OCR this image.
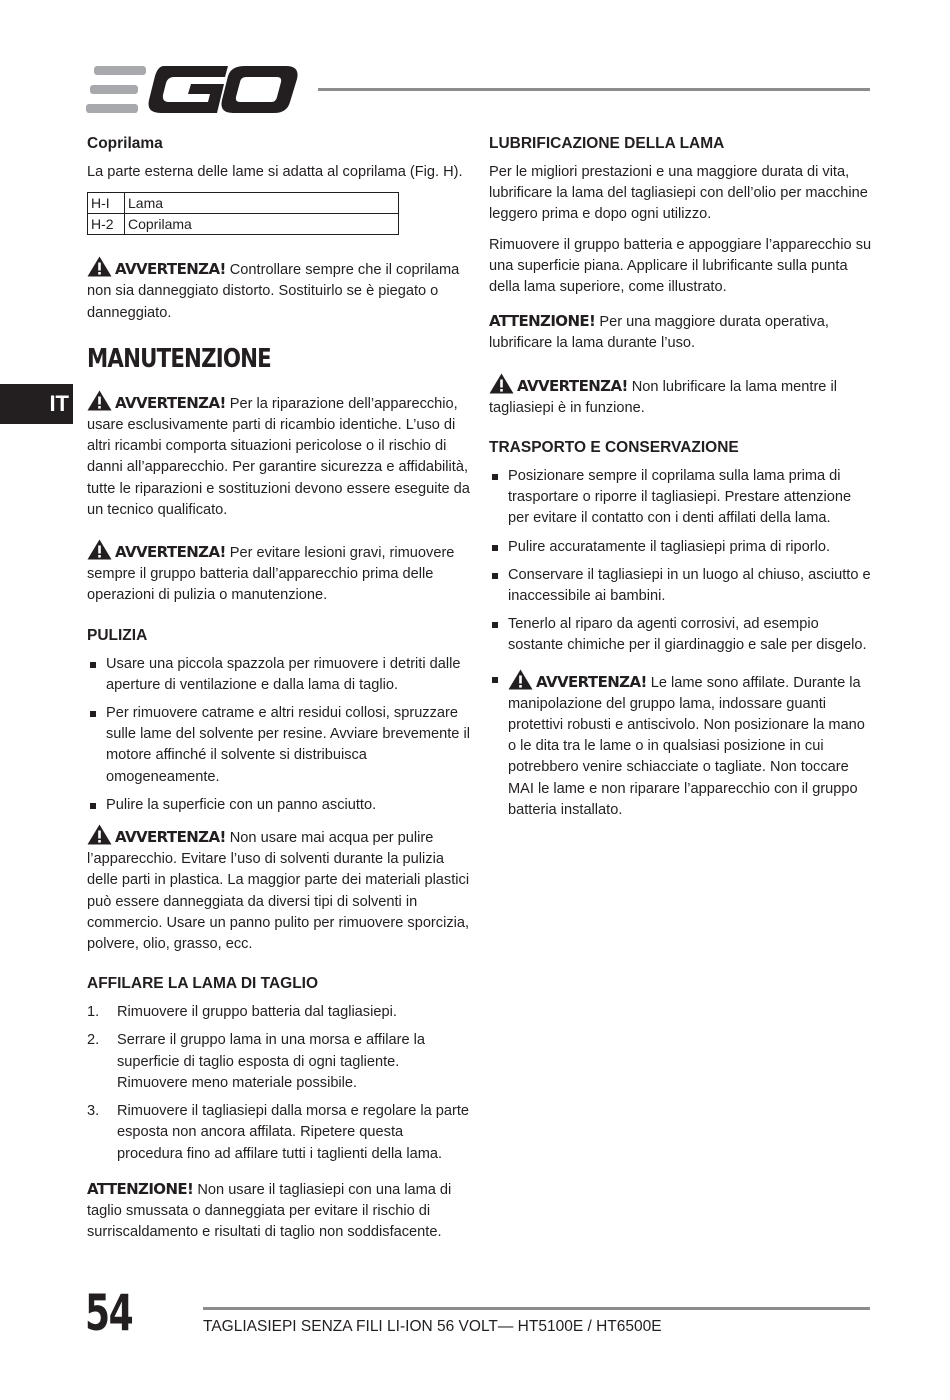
IT
Coprilama

La parte esterna delle lame si adatta al coprilama (Fig. H).

H-I	Lama
H-2	Coprilama

AVVERTENZA! Controllare sempre che il coprilama non sia danneggiato distorto. Sostituirlo se è piegato o danneggiato.

MANUTENZIONE

AVVERTENZA! Per la riparazione dell’apparecchio, usare esclusivamente parti di ricambio identiche. L’uso di altri ricambi comporta situazioni pericolose o il rischio di danni all’apparecchio. Per garantire sicurezza e affidabilità, tutte le riparazioni e sostituzioni devono essere eseguite da un tecnico qualificato.

AVVERTENZA! Per evitare lesioni gravi, rimuovere sempre il gruppo batteria dall’apparecchio prima delle operazioni di pulizia o manutenzione.

PULIZIA
Usare una piccola spazzola per rimuovere i detriti dalle aperture di ventilazione e dalla lama di taglio.
Per rimuovere catrame e altri residui collosi, spruzzare sulle lame del solvente per resine. Avviare brevemente il motore affinché il solvente si distribuisca omogeneamente.
Pulire la superficie con un panno asciutto.

AVVERTENZA! Non usare mai acqua per pulire l’apparecchio. Evitare l’uso di solventi durante la pulizia delle parti in plastica. La maggior parte dei materiali plastici può essere danneggiata da diversi tipi di solventi in commercio. Usare un panno pulito per rimuovere sporcizia, polvere, olio, grasso, ecc.

AFFILARE LA LAMA DI TAGLIO
1. Rimuovere il gruppo batteria dal tagliasiepi.
2. Serrare il gruppo lama in una morsa e affilare la superficie di taglio esposta di ogni tagliente. Rimuovere meno materiale possibile.
3. Rimuovere il tagliasiepi dalla morsa e regolare la parte esposta non ancora affilata. Ripetere questa procedura fino ad affilare tutti i taglienti della lama.

ATTENZIONE! Non usare il tagliasiepi con una lama di taglio smussata o danneggiata per evitare il rischio di surriscaldamento e risultati di taglio non soddisfacente.

LUBRIFICAZIONE DELLA LAMA

Per le migliori prestazioni e una maggiore durata di vita, lubrificare la lama del tagliasiepi con dell’olio per macchine leggero prima e dopo ogni utilizzo.

Rimuovere il gruppo batteria e appoggiare l’apparecchio su una superficie piana. Applicare il lubrificante sulla punta della lama superiore, come illustrato.

ATTENZIONE! Per una maggiore durata operativa, lubrificare la lama durante l’uso.

AVVERTENZA! Non lubrificare la lama mentre il tagliasiepi è in funzione.

TRASPORTO E CONSERVAZIONE
Posizionare sempre il coprilama sulla lama prima di trasportare o riporre il tagliasiepi. Prestare attenzione per evitare il contatto con i denti affilati della lama.
Pulire accuratamente il tagliasiepi prima di riporlo.
Conservare il tagliasiepi in un luogo al chiuso, asciutto e inaccessibile ai bambini.
Tenerlo al riparo da agenti corrosivi, ad esempio sostante chimiche per il giardinaggio e sale per disgelo.
AVVERTENZA! Le lame sono affilate. Durante la manipolazione del gruppo lama, indossare guanti protettivi robusti e antiscivolo. Non posizionare la mano o le dita tra le lame o in qualsiasi posizione in cui potrebbero venire schiacciate o tagliate. Non toccare MAI le lame e non riparare l’apparecchio con il gruppo batteria installato.
54	TAGLIASIEPI SENZA FILI LI-ION 56 VOLT— HT5100E / HT6500E
